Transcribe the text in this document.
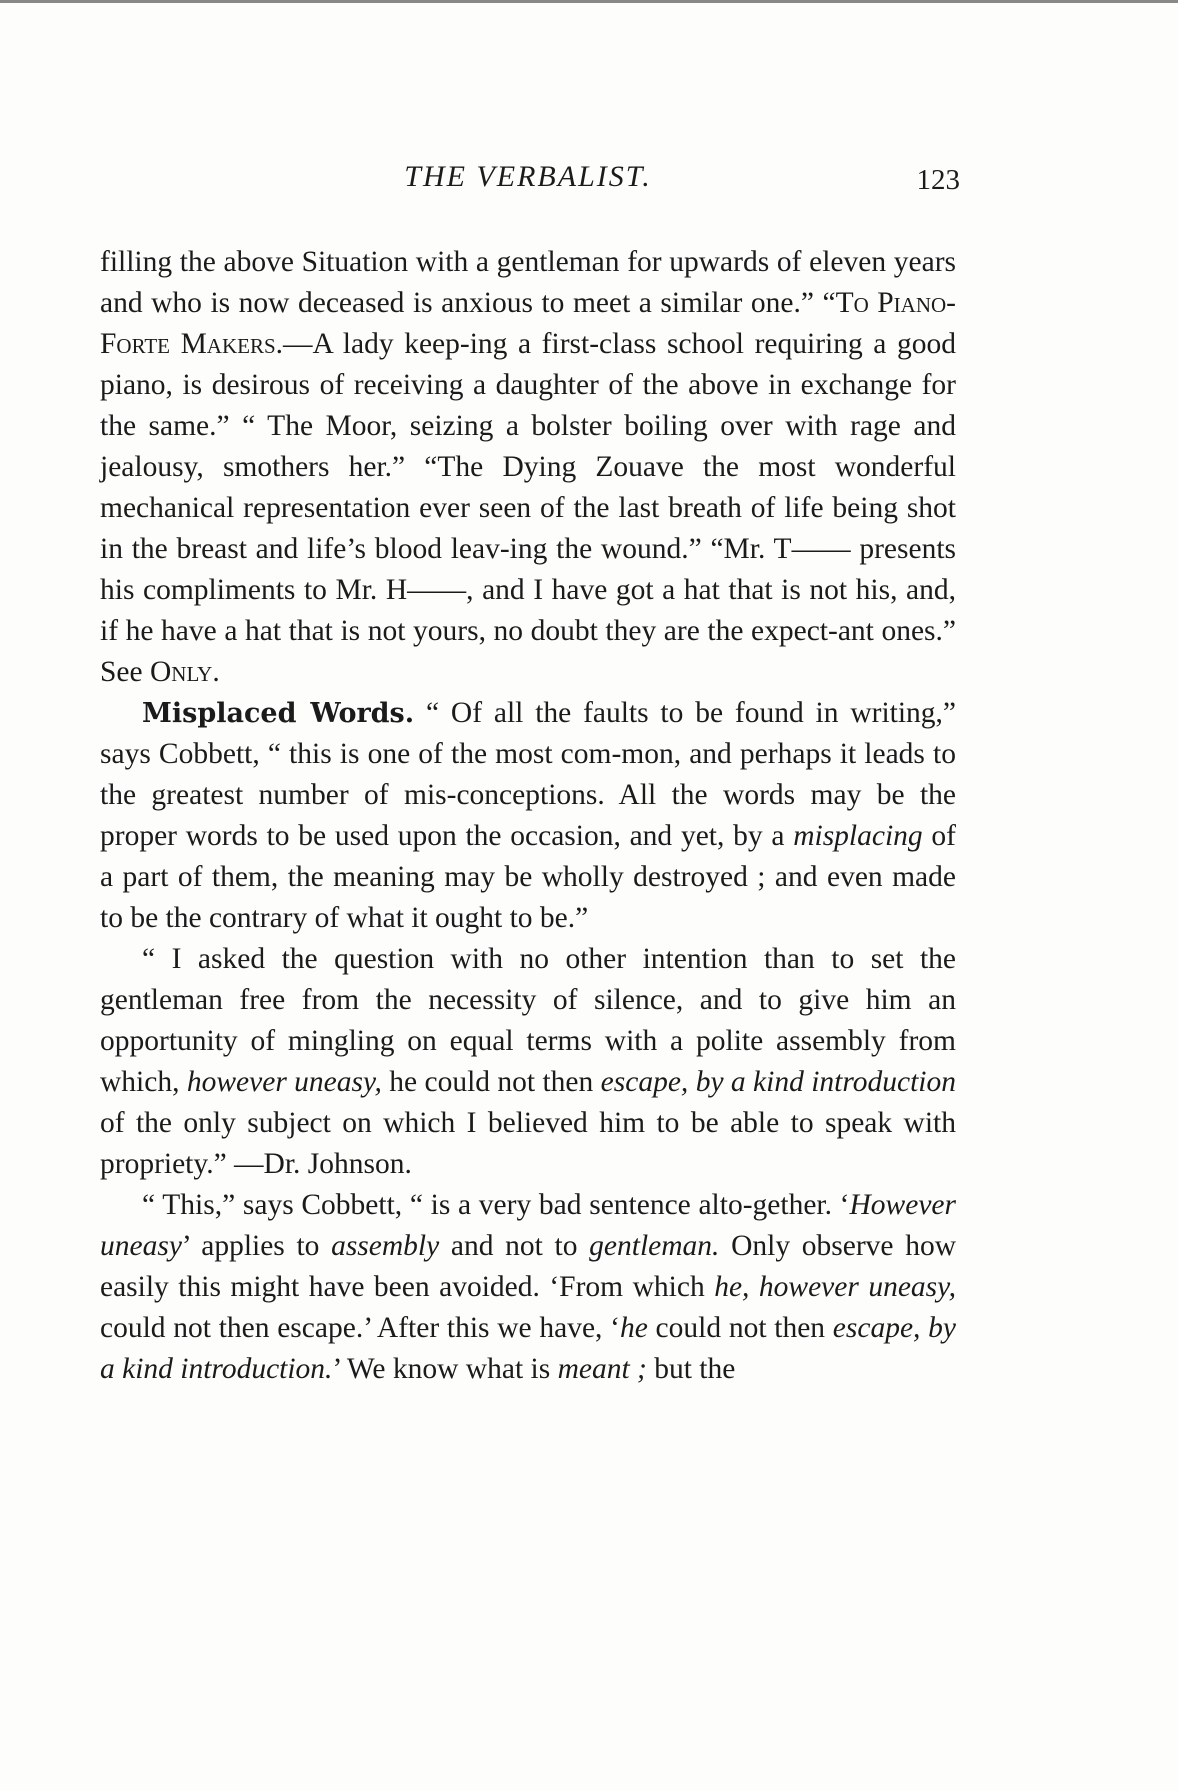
THE VERBALIST.	123

filling the above Situation with a gentleman for upwards of eleven years and who is now deceased is anxious to meet a similar one.” “To Piano-Forte Makers.—A lady keep-ing a first-class school requiring a good piano, is desirous of receiving a daughter of the above in exchange for the same.” “ The Moor, seizing a bolster boiling over with rage and jealousy, smothers her.” “The Dying Zouave the most wonderful mechanical representation ever seen of the last breath of life being shot in the breast and life’s blood leav-ing the wound.” “Mr. T—— presents his compliments to Mr. H——, and I have got a hat that is not his, and, if he have a hat that is not yours, no doubt they are the expect-ant ones.” See Only.

Misplaced Words. “ Of all the faults to be found in writing,” says Cobbett, “ this is one of the most com-mon, and perhaps it leads to the greatest number of mis-conceptions. All the words may be the proper words to be used upon the occasion, and yet, by a misplacing of a part of them, the meaning may be wholly destroyed ; and even made to be the contrary of what it ought to be.”

“ I asked the question with no other intention than to set the gentleman free from the necessity of silence, and to give him an opportunity of mingling on equal terms with a polite assembly from which, however uneasy, he could not then escape, by a kind introduction of the only subject on which I believed him to be able to speak with propriety.” —Dr. Johnson.

“ This,” says Cobbett, “ is a very bad sentence alto-gether. ‘However uneasy’ applies to assembly and not to gentleman. Only observe how easily this might have been avoided. ‘From which he, however uneasy, could not then escape.’ After this we have, ‘he could not then escape, by a kind introduction.’ We know what is meant ; but the
